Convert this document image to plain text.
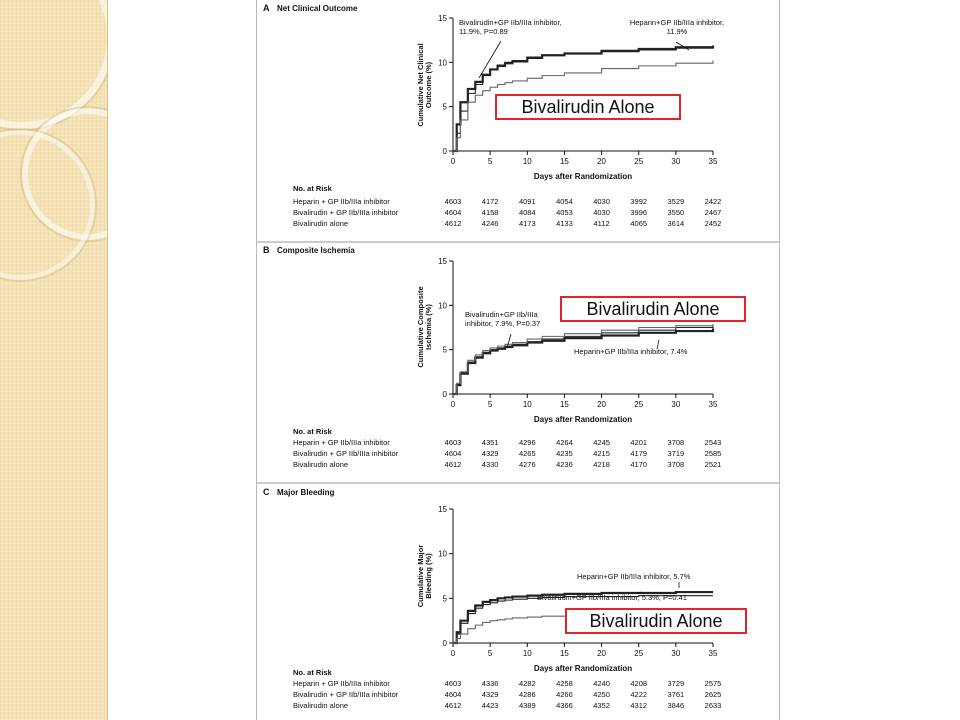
A Net Clinical Outcome
0
5
10
15
0	5	10	15	20	25	30	35
Days after Randomization
Cumulative Net ClinicalOutcome (%)
Bivalirudin+GP IIb/IIIa inhibitor,
11.9%, P=0.89
Heparin+GP IIb/IIIa inhibitor,
11.9%
No. at Risk
Heparin + GP IIb/IIIa inhibitor	4603	4172	4091	4054	4030	3992	3529	2422
Bivalirudin + GP IIb/IIIa inhibitor	4604	4158	4084	4053	4030	3996	3550	2467
Bivalirudin alone	4612	4246	4173	4133	4112	4065	3614	2452
B Composite Ischemia
0
5
10
15
0	5	10	15	20	25	30	35
Days after Randomization
Cumulative CompositeIschemia (%)	Bivalirudin+GP IIb/IIIa
inhibitor, 7.9%, P=0.37
Heparin+GP IIb/IIIa inhibitor, 7.4%
No. at Risk
Heparin + GP IIb/IIIa inhibitor	4603	4351	4296	4264	4245	4201	3708	2543
Bivalirudin + GP IIb/IIIa inhibitor	4604	4329	4265	4235	4215	4179	3719	2585
Bivalirudin alone	4612	4330	4276	4236	4218	4170	3708	2521
C Major Bleeding
0
5
10
15
0	5	10	15	20	25	30	35
Days after Randomization
Cumulative MajorBleeding (%)	Heparin+GP IIb/IIIa inhibitor, 5.7%
Bivalirudin+GP IIb/IIIa inhibitor, 5.3%, P=0.41
No. at Risk
Heparin + GP IIb/IIIa inhibitor	4603	4336	4282	4258	4240	4208	3729	2575
Bivalirudin + GP IIb/IIIa inhibitor	4604	4329	4286	4266	4250	4222	3761	2625
Bivalirudin alone	4612	4423	4389	4366	4352	4312	3846	2633
Bivalirudin Alone
Bivalirudin Alone
Bivalirudin Alone
